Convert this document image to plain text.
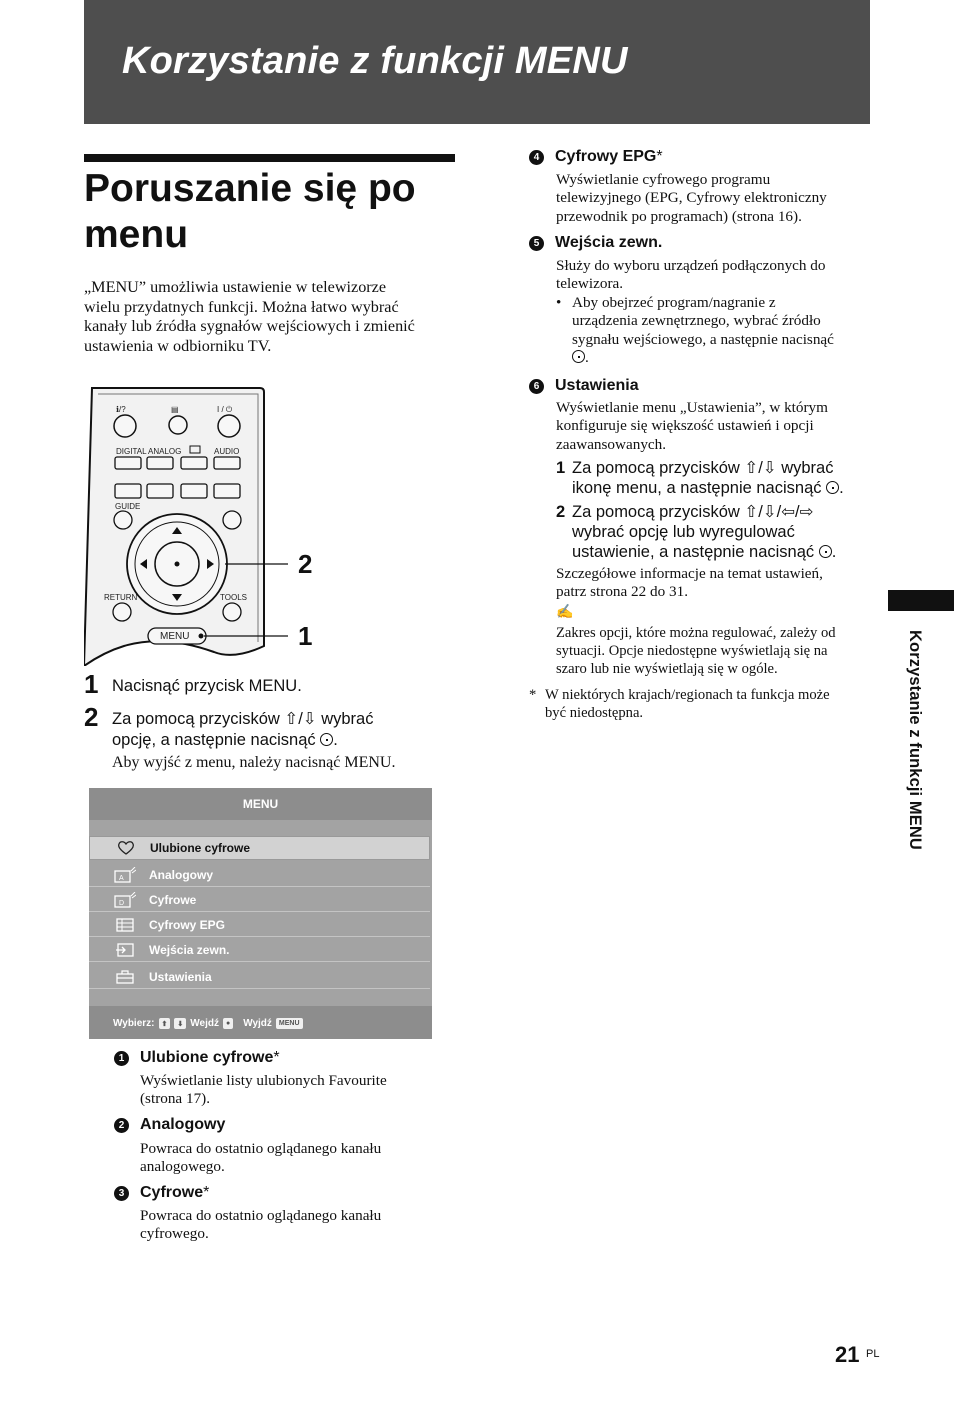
Korzystanie z funkcji MENU
Poruszanie się po
menu
„MENU” umożliwia ustawienie w telewizorze
wielu przydatnych funkcji. Można łatwo wybrać
kanały lub źródła sygnałów wejściowych i zmienić
ustawienia w odbiorniku TV.
ℹ/?	▤	I / ⏻
DIGITAL ANALOG	AUDIO
GUIDE
RETURN	TOOLS
MENU
2
1
1 Nacisnąć przycisk MENU.
2 Za pomocą przycisków ⇧/⇩ wybrać
opcję, a następnie nacisnąć .
Aby wyjść z menu, należy nacisnąć MENU.
MENU
Ulubione cyfrowe
A Analogowy
D Cyfrowe
Cyfrowy EPG
Wejścia zewn.
Ustawienia
Wybierz:	⬆	⬇ Wejdź	●	Wyjdź	MENU
1 Ulubione cyfrowe *
Wyświetlanie listy ulubionych Favourite
(strona 17).
2 Analogowy
Powraca do ostatnio oglądanego kanału
analogowego.
3 Cyfrowe *
Powraca do ostatnio oglądanego kanału
cyfrowego.
4 Cyfrowy EPG *
Wyświetlanie cyfrowego programu
telewizyjnego (EPG, Cyfrowy elektroniczny
przewodnik po programach) (strona 16).
5 Wejścia zewn.
Służy do wyboru urządzeń podłączonych do
telewizora.
• Aby obejrzeć program/nagranie z
urządzenia zewnętrznego, wybrać źródło
sygnału wejściowego, a następnie nacisnąć
.
6 Ustawienia
Wyświetlanie menu „Ustawienia”, w którym
konfiguruje się większość ustawień i opcji
zaawansowanych.
1 Za pomocą przycisków ⇧/⇩ wybrać
ikonę menu, a następnie nacisnąć .
2 Za pomocą przycisków ⇧/⇩/⇦/⇨
wybrać opcję lub wyregulować
ustawienie, a następnie nacisnąć .
Szczegółowe informacje na temat ustawień,
patrz strona 22 do 31.
✍
Zakres opcji, które można regulować, zależy od
sytuacji. Opcje niedostępne wyświetlają się na
szaro lub nie wyświetlają się w ogóle.
* W niektórych krajach/regionach ta funkcja może
być niedostępna.	Korzystanie z funkcji MENU
21 PL
